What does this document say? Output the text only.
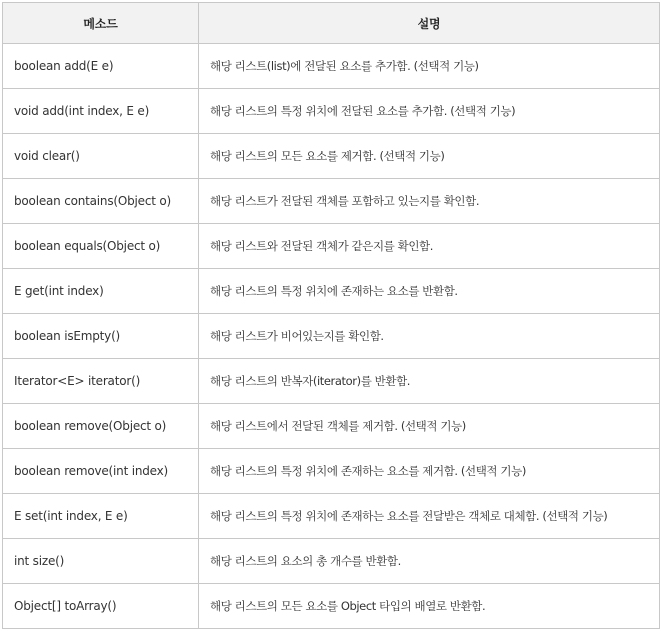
메소드	설명
boolean add(E e)	해당 리스트(list)에 전달된 요소를 추가함. (선택적 기능)
void add(int index, E e)	해당 리스트의 특정 위치에 전달된 요소를 추가함. (선택적 기능)
void clear()	해당 리스트의 모든 요소를 제거함. (선택적 기능)
boolean contains(Object o)	해당 리스트가 전달된 객체를 포함하고 있는지를 확인함.
boolean equals(Object o)	해당 리스트와 전달된 객체가 같은지를 확인함.
E get(int index)	해당 리스트의 특정 위치에 존재하는 요소를 반환함.
boolean isEmpty()	해당 리스트가 비어있는지를 확인함.
Iterator<E> iterator()	해당 리스트의 반복자(iterator)를 반환함.
boolean remove(Object o)	해당 리스트에서 전달된 객체를 제거함. (선택적 기능)
boolean remove(int index)	해당 리스트의 특정 위치에 존재하는 요소를 제거함. (선택적 기능)
E set(int index, E e)	해당 리스트의 특정 위치에 존재하는 요소를 전달받은 객체로 대체함. (선택적 기능)
int size()	해당 리스트의 요소의 총 개수를 반환함.
Object[] toArray()	해당 리스트의 모든 요소를 Object 타입의 배열로 반환함.
